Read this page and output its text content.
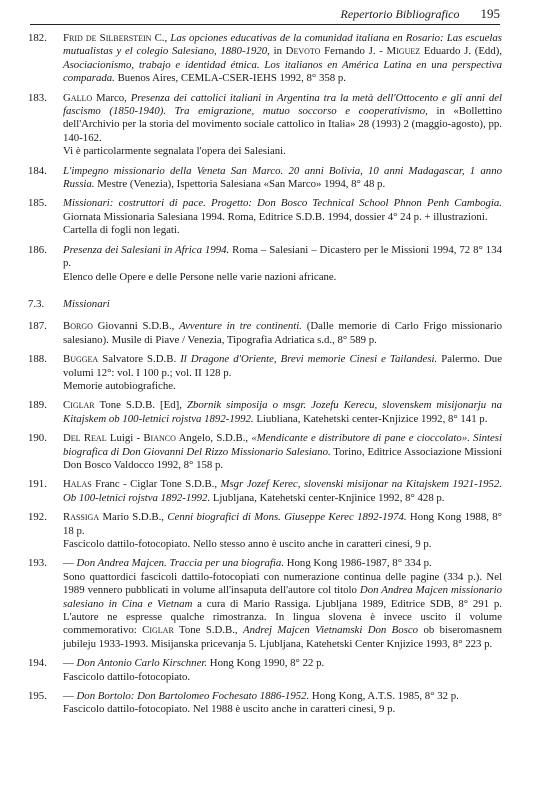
Repertorio Bibliografico 195
182. Frid de Silberstein C., Las opciones educativas de la comunidad italiana en Rosario: Las escuelas mutualistas y el colegio Salesiano, 1880-1920, in Devoto Fernando J. - Miguez Eduardo J. (Edd), Asociacionismo, trabajo e identidad étnica. Los italianos en América Latina en una perspectiva comparada. Buenos Aires, CEMLA-CSER-IEHS 1992, 8° 358 p.
183. Gallo Marco, Presenza dei cattolici italiani in Argentina tra la metà dell'Ottocento e gli anni del fascismo (1850-1940). Tra emigrazione, mutuo soccorso e cooperativismo, in «Bollettino dell'Archivio per la storia del movimento sociale cattolico in Italia» 28 (1993) 2 (maggio-agosto), pp. 140-162.
Vi è particolarmente segnalata l'opera dei Salesiani.
184. L'impegno missionario della Veneta San Marco. 20 anni Bolivia, 10 anni Madagascar, 1 anno Russia. Mestre (Venezia), Ispettoria Salesiana «San Marco» 1994, 8° 48 p.
185. Missionari: costruttori di pace. Progetto: Don Bosco Technical School Phnon Penh Cambogia. Giornata Missionaria Salesiana 1994. Roma, Editrice S.D.B. 1994, dossier 4° 24 p. + illustrazioni.
Cartella di fogli non legati.
186. Presenza dei Salesiani in Africa 1994. Roma – Salesiani – Dicastero per le Missioni 1994, 72 8° 134 p.
Elenco delle Opere e delle Persone nelle varie nazioni africane.
7.3. Missionari
187. Borgo Giovanni S.D.B., Avventure in tre continenti. (Dalle memorie di Carlo Frigo missionario salesiano). Musile di Piave / Venezia, Tipografia Adriatica s.d., 8° 589 p.
188. Buggea Salvatore S.D.B. Il Dragone d'Oriente, Brevi memorie Cinesi e Tailandesi. Palermo. Due volumi 12°: vol. I 100 p.; vol. II 128 p.
Memorie autobiografiche.
189. Ciglar Tone S.D.B. [Ed], Zbornik simposija o msgr. Jozefu Kerecu, slovenskem misijonarju na Kitajskem ob 100-letnici rojstva 1892-1992. Liubliana, Katehetski center-Knjizice 1992, 8° 141 p.
190. Del Real Luigi - Bianco Angelo, S.D.B., «Mendicante e distributore di pane e cioccolato». Sintesi biografica di Don Giovanni Del Rizzo Missionario Salesiano. Torino, Editrice Associazione Missioni Don Bosco Valdocco 1992, 8° 158 p.
191. Halas Franc - Ciglar Tone S.D.B., Msgr Jozef Kerec, slovenski misijonar na Kitajskem 1921-1952. Ob 100-letnici rojstva 1892-1992. Ljubljana, Katehetski center-Knjinice 1992, 8° 428 p.
192. Rassiga Mario S.D.B., Cenni biografici di Mons. Giuseppe Kerec 1892-1974. Hong Kong 1988, 8° 18 p.
Fascicolo dattilo-fotocopiato. Nello stesso anno è uscito anche in caratteri cinesi, 9 p.
193. — Don Andrea Majcen. Traccia per una biografia. Hong Kong 1986-1987, 8° 334 p.
Sono quattordici fascicoli dattilo-fotocopiati con numerazione continua delle pagine (334 p.). Nel 1989 vennero pubblicati in volume all'insaputa dell'autore col titolo Don Andrea Majcen missionario salesiano in Cina e Vietnam a cura di Mario Rassiga. Ljubljana 1989, Editrice SDB, 8° 291 p. L'autore ne espresse qualche rimostranza. In lingua slovena è invece uscito il volume commemorativo: Ciglar Tone S.D.B., Andrej Majcen Vietnamski Don Bosco ob biseromasnem jubileju 1933-1993. Misijanska pricevanja 5. Ljubljana, Katehetski Center Knjizice 1993, 8° 223 p.
194. — Don Antonio Carlo Kirschner. Hong Kong 1990, 8° 22 p.
Fascicolo dattilo-fotocopiato.
195. — Don Bortolo: Don Bartolomeo Fochesato 1886-1952. Hong Kong, A.T.S. 1985, 8° 32 p.
Fascicolo dattilo-fotocopiato. Nel 1988 è uscito anche in caratteri cinesi, 9 p.
